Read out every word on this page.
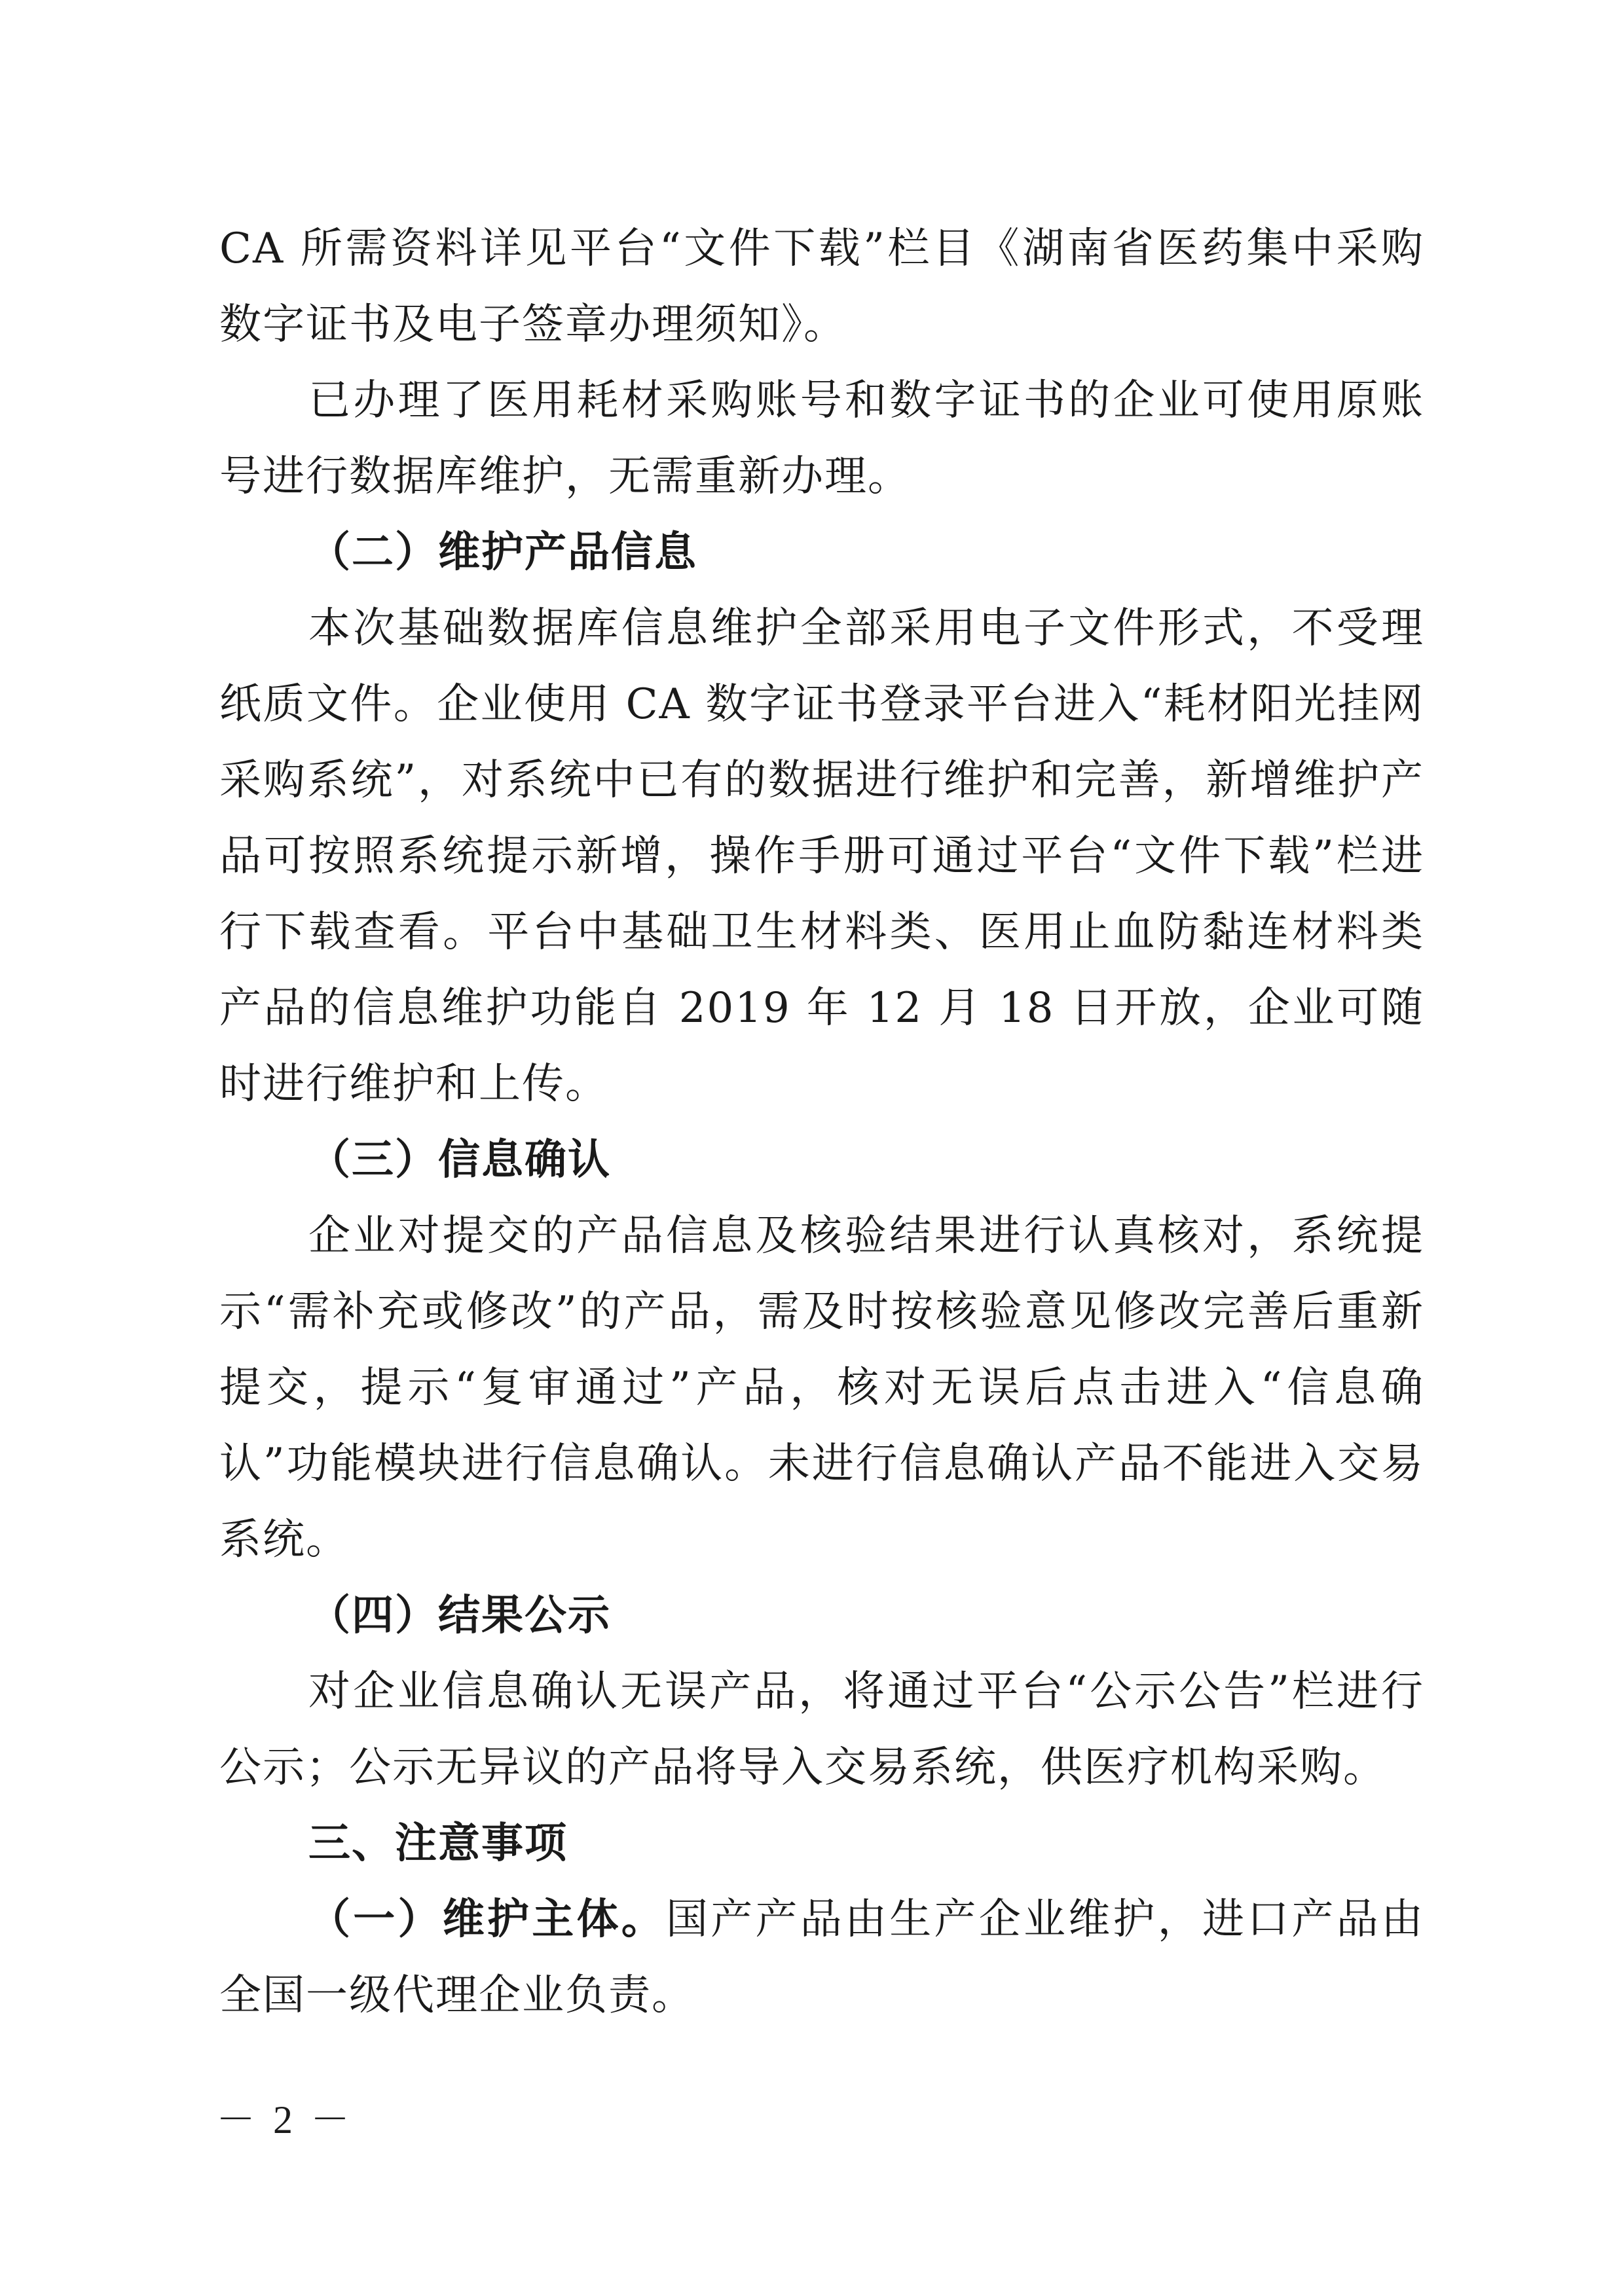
CA 所需资料详见平台“文件下载”栏目《湖南省医药集中采购数字证书及电子签章办理须知》。

已办理了医用耗材采购账号和数字证书的企业可使用原账号进行数据库维护，无需重新办理。

（二）维护产品信息

本次基础数据库信息维护全部采用电子文件形式，不受理纸质文件。企业使用 CA 数字证书登录平台进入“耗材阳光挂网采购系统”，对系统中已有的数据进行维护和完善，新增维护产品可按照系统提示新增，操作手册可通过平台“文件下载”栏进行下载查看。平台中基础卫生材料类、医用止血防黏连材料类产品的信息维护功能自 2019 年 12 月 18 日开放，企业可随时进行维护和上传。

（三）信息确认

企业对提交的产品信息及核验结果进行认真核对，系统提示“需补充或修改”的产品，需及时按核验意见修改完善后重新提交，提示“复审通过”产品，核对无误后点击进入“信息确认”功能模块进行信息确认。未进行信息确认产品不能进入交易系统。

（四）结果公示

对企业信息确认无误产品，将通过平台“公示公告”栏进行公示；公示无异议的产品将导入交易系统，供医疗机构采购。

三、注意事项

（一）维护主体。国产产品由生产企业维护，进口产品由全国一级代理企业负责。

－ 2 －
